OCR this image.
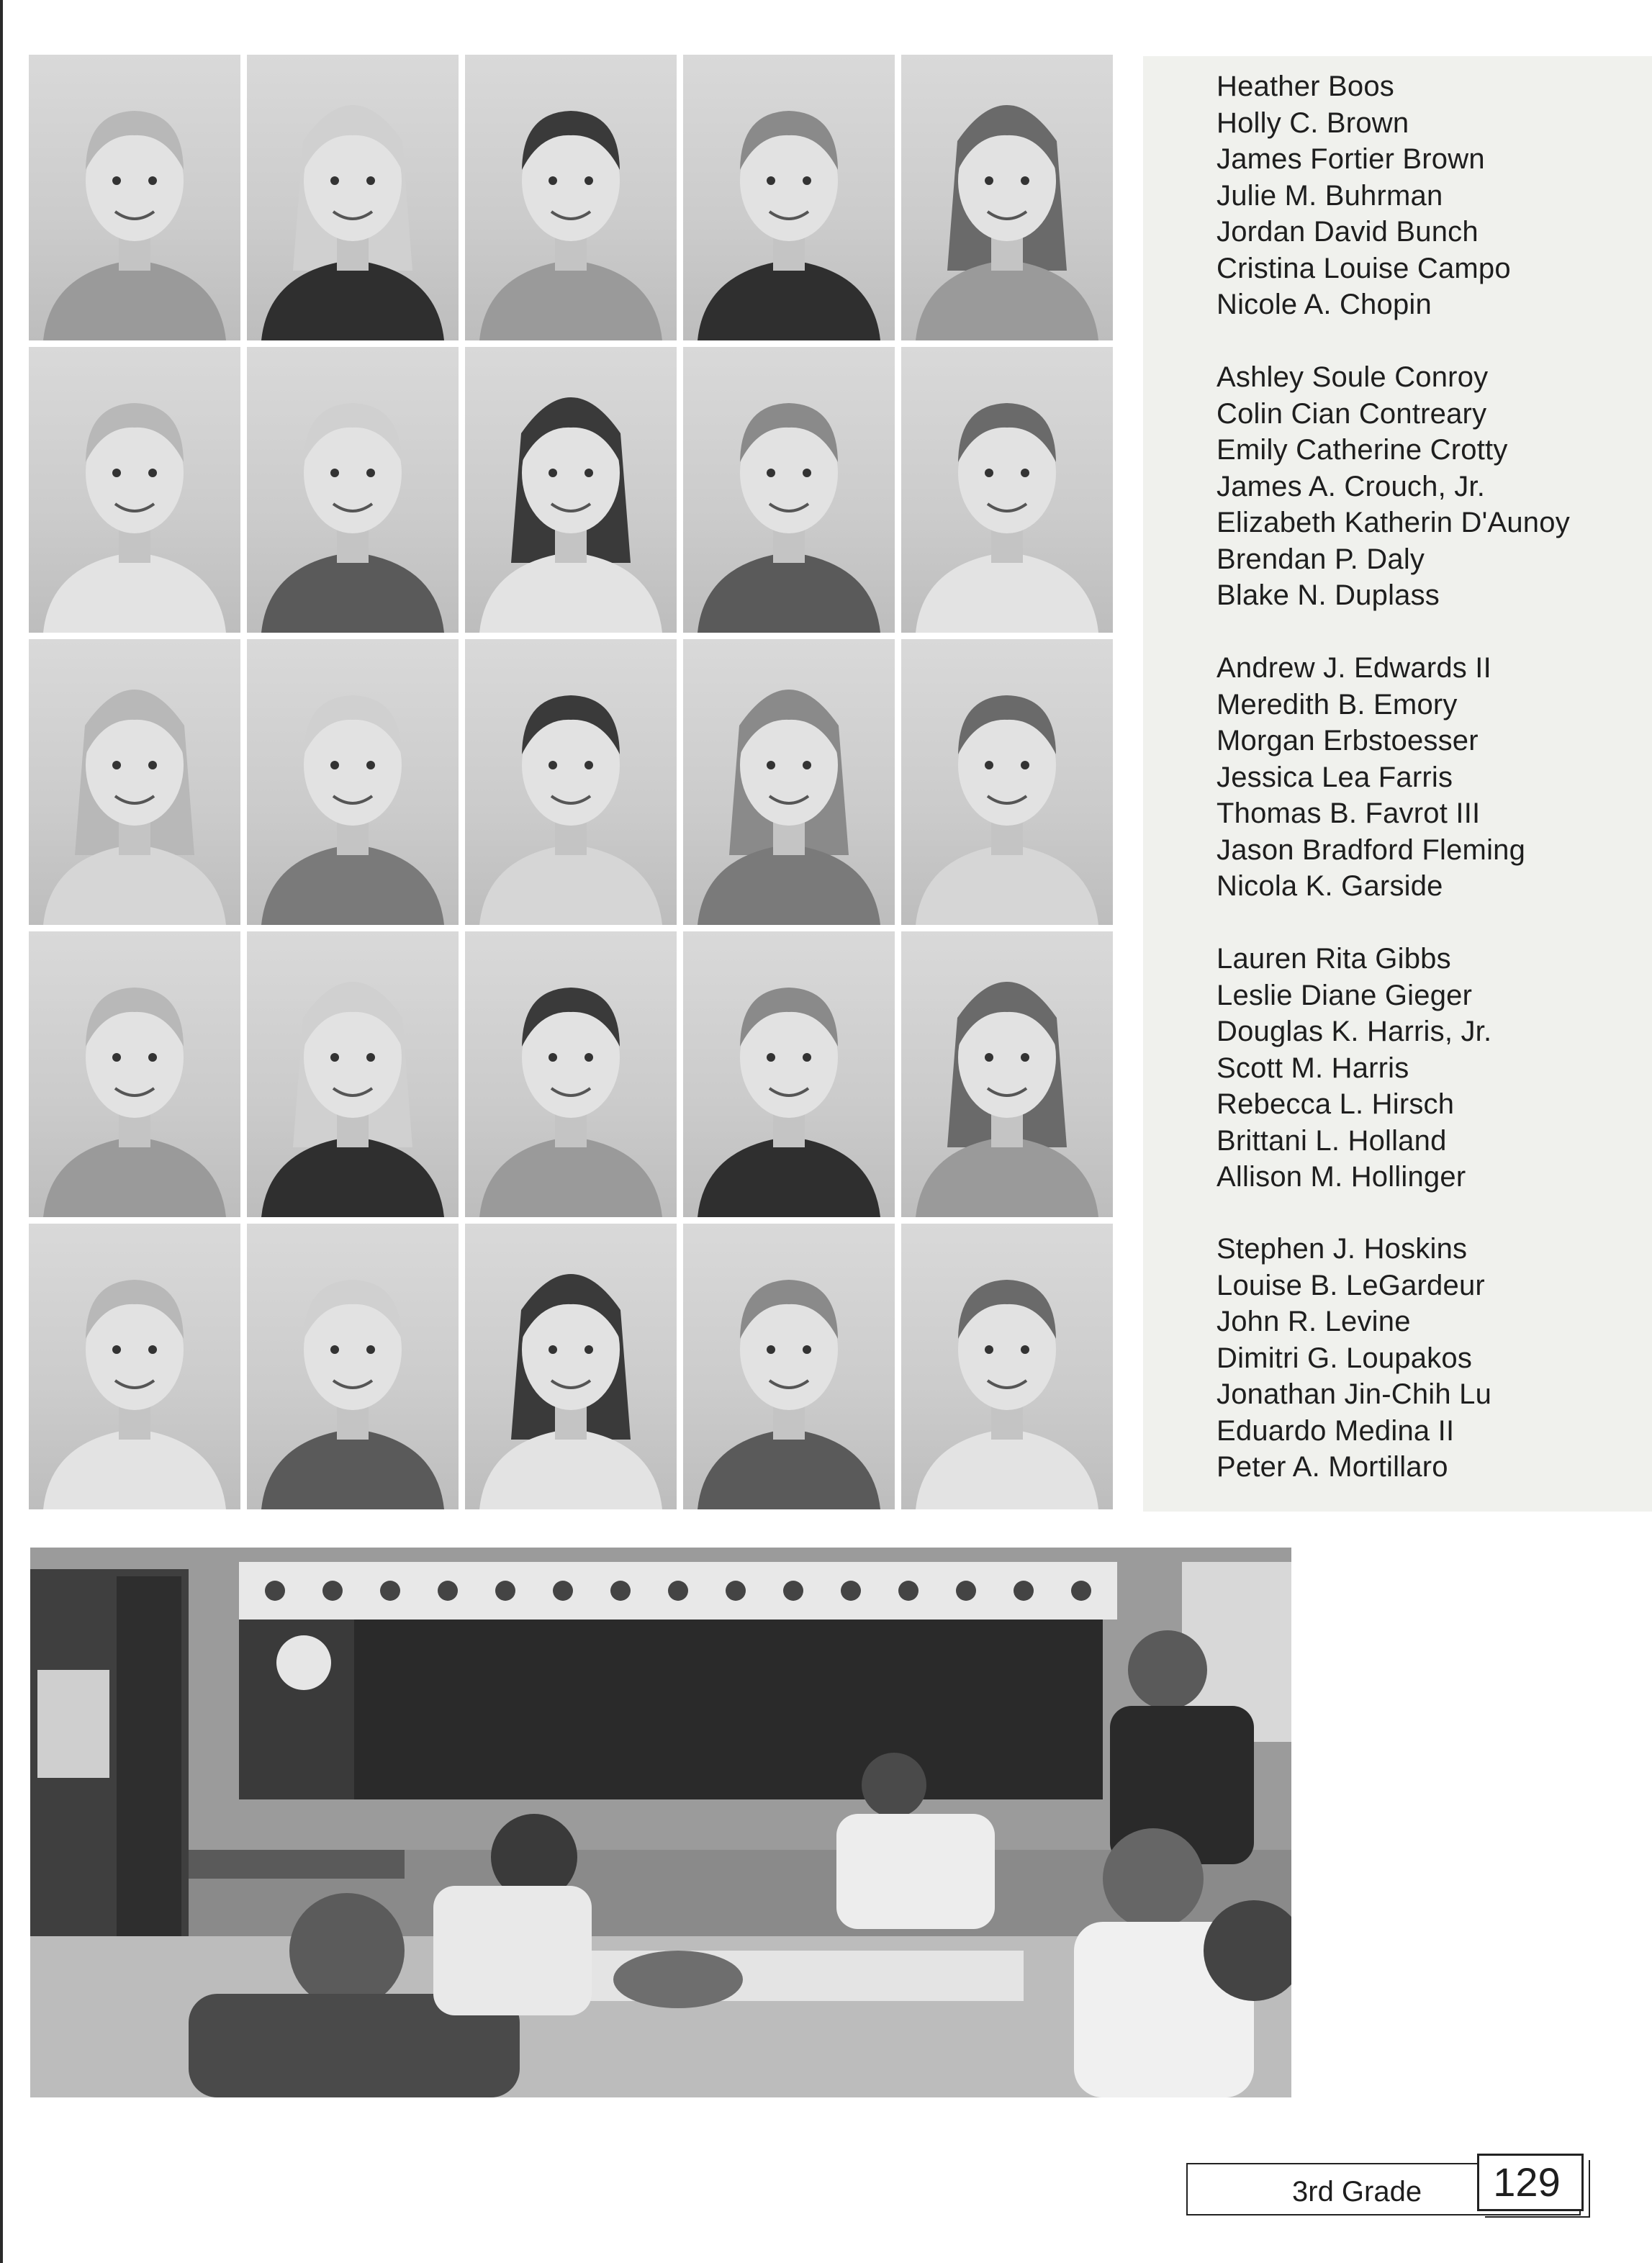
Heather Boos
Holly C. Brown
James Fortier Brown
Julie M. Buhrman
Jordan David Bunch
Cristina Louise Campo
Nicole A. Chopin
Ashley Soule Conroy
Colin Cian Contreary
Emily Catherine Crotty
James A. Crouch, Jr.
Elizabeth Katherin D'Aunoy
Brendan P. Daly
Blake N. Duplass
Andrew J. Edwards II
Meredith B. Emory
Morgan Erbstoesser
Jessica Lea Farris
Thomas B. Favrot III
Jason Bradford Fleming
Nicola K. Garside
Lauren Rita Gibbs
Leslie Diane Gieger
Douglas K. Harris, Jr.
Scott M. Harris
Rebecca L. Hirsch
Brittani L. Holland
Allison M. Hollinger
Stephen J. Hoskins
Louise B. LeGardeur
John R. Levine
Dimitri G. Loupakos
Jonathan Jin-Chih Lu
Eduardo Medina II
Peter A. Mortillaro
3rd Grade	129
